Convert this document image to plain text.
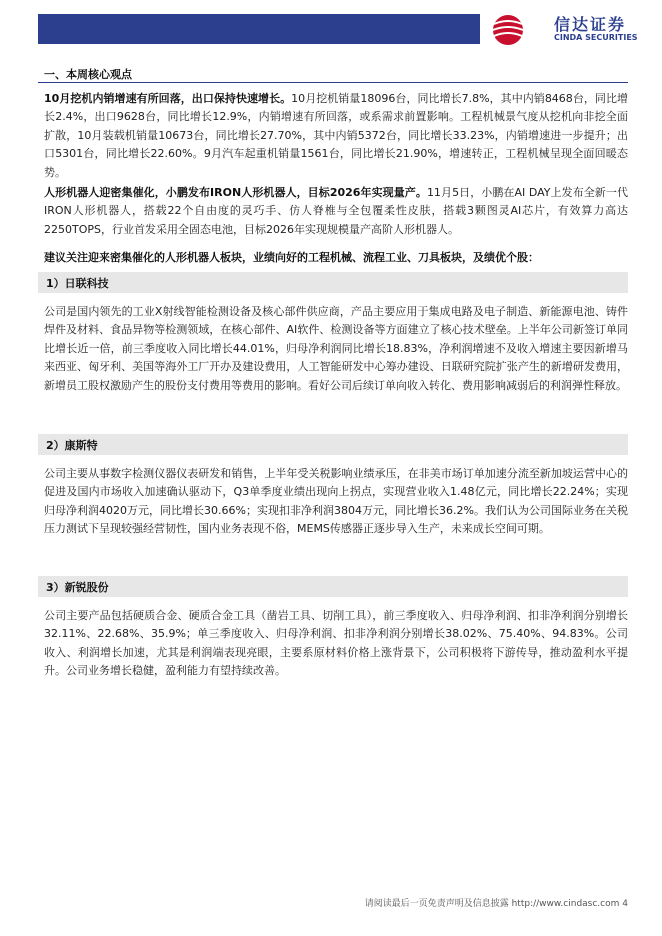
信达证券
CINDA SECURITIES
一、本周核心观点

10月挖机内销增速有所回落，出口保持快速增长。10月挖机销量18096台，同比增长7.8%，其中内销8468台，同比增长2.4%，出口9628台，同比增长12.9%，内销增速有所回落，或系需求前置影响。工程机械景气度从挖机向非挖全面扩散，10月装载机销量10673台，同比增长27.70%，其中内销5372台，同比增长33.23%，内销增速进一步提升；出口5301台，同比增长22.60%。9月汽车起重机销量1561台，同比增长21.90%，增速转正，工程机械呈现全面回暖态势。

人形机器人迎密集催化，小鹏发布IRON人形机器人，目标2026年实现量产。11月5日，小鹏在AI DAY上发布全新一代IRON人形机器人，搭载22个自由度的灵巧手、仿人脊椎与全包覆柔性皮肤，搭载3颗图灵AI芯片，有效算力高达2250TOPS，行业首发采用全固态电池，目标2026年实现规模量产高阶人形机器人。

建议关注迎来密集催化的人形机器人板块，业绩向好的工程机械、流程工业、刀具板块，及绩优个股：

1）日联科技

公司是国内领先的工业X射线智能检测设备及核心部件供应商，产品主要应用于集成电路及电子制造、新能源电池、铸件焊件及材料、食品异物等检测领域，在核心部件、AI软件、检测设备等方面建立了核心技术壁垒。上半年公司新签订单同比增长近一倍，前三季度收入同比增长44.01%，归母净利润同比增长18.83%，净利润增速不及收入增速主要因新增马来西亚、匈牙利、美国等海外工厂开办及建设费用，人工智能研发中心筹办建设、日联研究院扩张产生的新增研发费用，新增员工股权激励产生的股份支付费用等费用的影响。看好公司后续订单向收入转化、费用影响减弱后的利润弹性释放。

2）康斯特

公司主要从事数字检测仪器仪表研发和销售，上半年受关税影响业绩承压，在非美市场订单加速分流至新加坡运营中心的促进及国内市场收入加速确认驱动下，Q3单季度业绩出现向上拐点，实现营业收入1.48亿元，同比增长22.24%；实现归母净利润4020万元，同比增长30.66%；实现扣非净利润3804万元，同比增长36.2%。我们认为公司国际业务在关税压力测试下呈现较强经营韧性，国内业务表现不俗，MEMS传感器正逐步导入生产，未来成长空间可期。

3）新锐股份

公司主要产品包括硬质合金、硬质合金工具（凿岩工具、切削工具），前三季度收入、归母净利润、扣非净利润分别增长32.11%、22.68%、35.9%；单三季度收入、归母净利润、扣非净利润分别增长38.02%、75.40%、94.83%。公司收入、利润增长加速，尤其是利润端表现亮眼，主要系原材料价格上涨背景下，公司积极将下游传导，推动盈利水平提升。公司业务增长稳健，盈利能力有望持续改善。

请阅读最后一页免责声明及信息披露 http://www.cindasc.com 4
